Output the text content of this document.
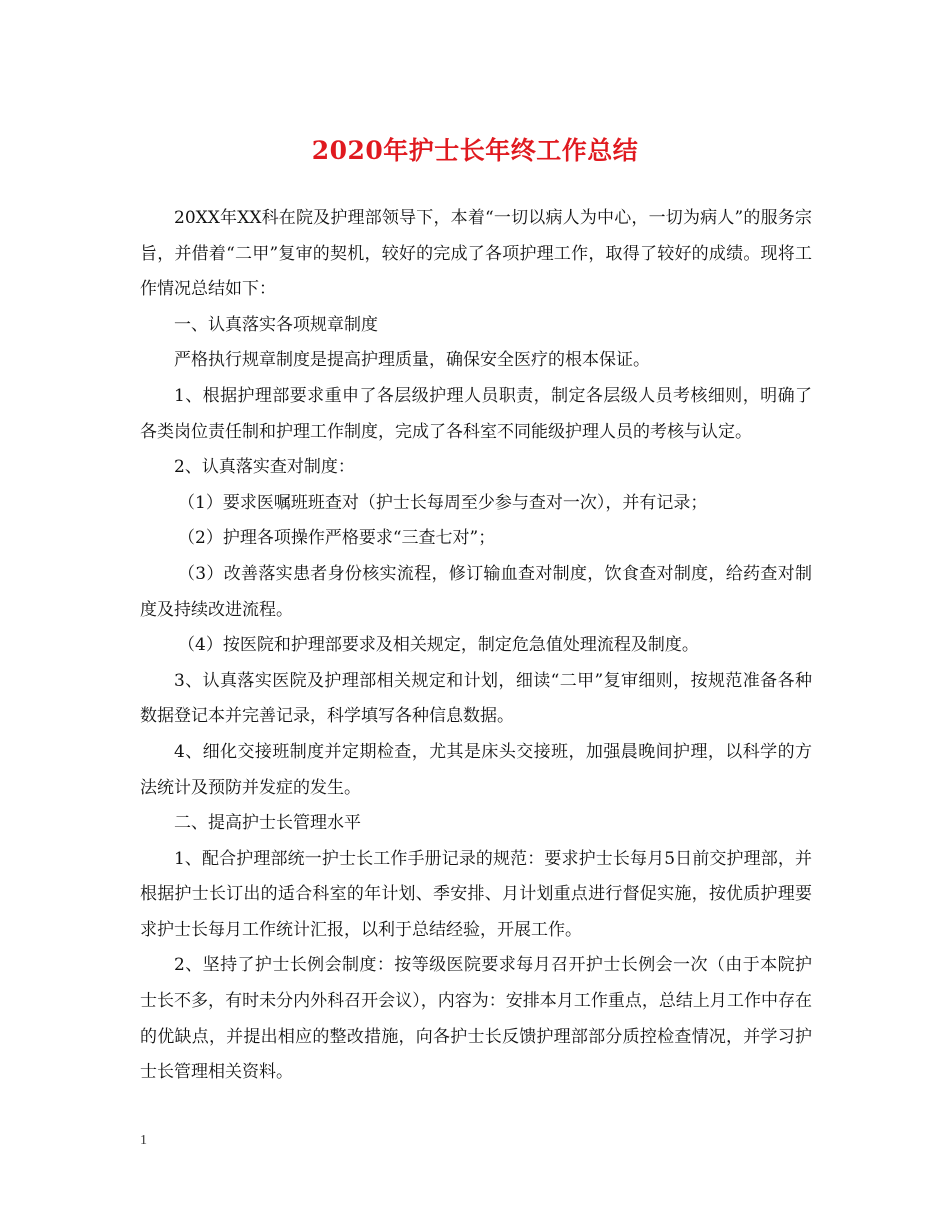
2020年护士长年终工作总结

20XX年XX科在院及护理部领导下，本着“一切以病人为中心，一切为病人”的服务宗旨，并借着“二甲”复审的契机，较好的完成了各项护理工作，取得了较好的成绩。现将工作情况总结如下：

一、认真落实各项规章制度

严格执行规章制度是提高护理质量，确保安全医疗的根本保证。

1、根据护理部要求重申了各层级护理人员职责，制定各层级人员考核细则，明确了各类岗位责任制和护理工作制度，完成了各科室不同能级护理人员的考核与认定。

2、认真落实查对制度：

（1）要求医嘱班班查对（护士长每周至少参与查对一次），并有记录；

（2）护理各项操作严格要求“三查七对”；

（3）改善落实患者身份核实流程，修订输血查对制度，饮食查对制度，给药查对制度及持续改进流程。

（4）按医院和护理部要求及相关规定，制定危急值处理流程及制度。

3、认真落实医院及护理部相关规定和计划，细读“二甲”复审细则，按规范准备各种数据登记本并完善记录，科学填写各种信息数据。

4、细化交接班制度并定期检查，尤其是床头交接班，加强晨晚间护理，以科学的方法统计及预防并发症的发生。

二、提高护士长管理水平

1、配合护理部统一护士长工作手册记录的规范：要求护士长每月5日前交护理部，并根据护士长订出的适合科室的年计划、季安排、月计划重点进行督促实施，按优质护理要求护士长每月工作统计汇报，以利于总结经验，开展工作。

2、坚持了护士长例会制度：按等级医院要求每月召开护士长例会一次（由于本院护士长不多，有时未分内外科召开会议），内容为：安排本月工作重点，总结上月工作中存在的优缺点，并提出相应的整改措施，向各护士长反馈护理部部分质控检查情况，并学习护士长管理相关资料。

1
